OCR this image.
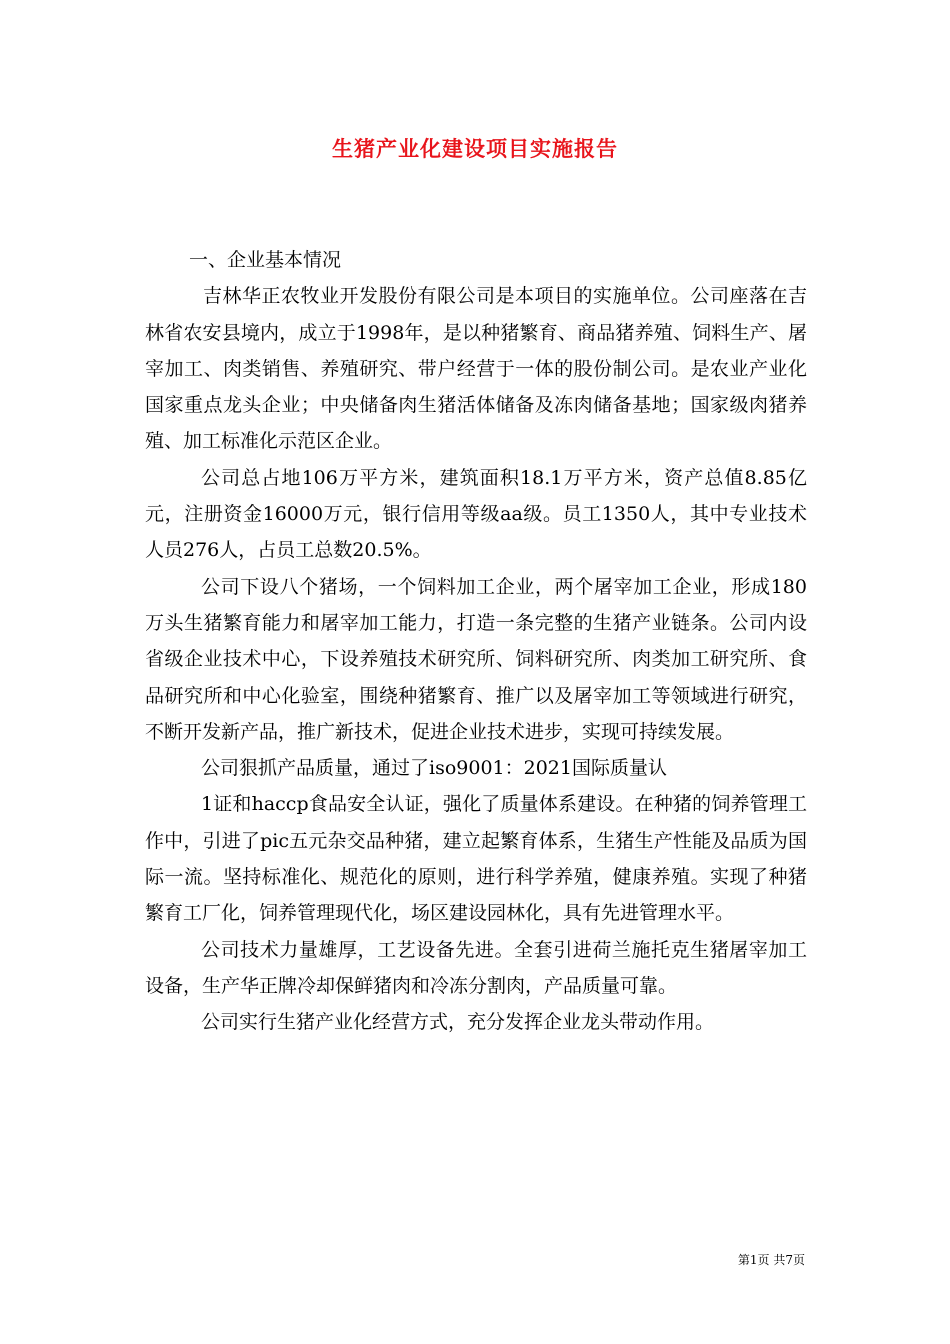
生猪产业化建设项目实施报告
一、企业基本情况

吉林华正农牧业开发股份有限公司是本项目的实施单位。公司座落在吉林省农安县境内，成立于1998年，是以种猪繁育、商品猪养殖、饲料生产、屠宰加工、肉类销售、养殖研究、带户经营于一体的股份制公司。是农业产业化国家重点龙头企业；中央储备肉生猪活体储备及冻肉储备基地；国家级肉猪养殖、加工标准化示范区企业。

公司总占地106万平方米，建筑面积18.1万平方米，资产总值8.85亿元，注册资金16000万元，银行信用等级aa级。员工1350人，其中专业技术人员276人，占员工总数20.5%。

公司下设八个猪场，一个饲料加工企业，两个屠宰加工企业，形成180万头生猪繁育能力和屠宰加工能力，打造一条完整的生猪产业链条。公司内设省级企业技术中心，下设养殖技术研究所、饲料研究所、肉类加工研究所、食品研究所和中心化验室，围绕种猪繁育、推广以及屠宰加工等领域进行研究，不断开发新产品，推广新技术，促进企业技术进步，实现可持续发展。

公司狠抓产品质量，通过了iso9001：2021国际质量认

1证和haccp食品安全认证，强化了质量体系建设。在种猪的饲养管理工作中，引进了pic五元杂交品种猪，建立起繁育体系，生猪生产性能及品质为国际一流。坚持标准化、规范化的原则，进行科学养殖，健康养殖。实现了种猪繁育工厂化，饲养管理现代化，场区建设园林化，具有先进管理水平。

公司技术力量雄厚，工艺设备先进。全套引进荷兰施托克生猪屠宰加工设备，生产华正牌冷却保鲜猪肉和冷冻分割肉，产品质量可靠。

公司实行生猪产业化经营方式，充分发挥企业龙头带动作用。

第1页 共7页
